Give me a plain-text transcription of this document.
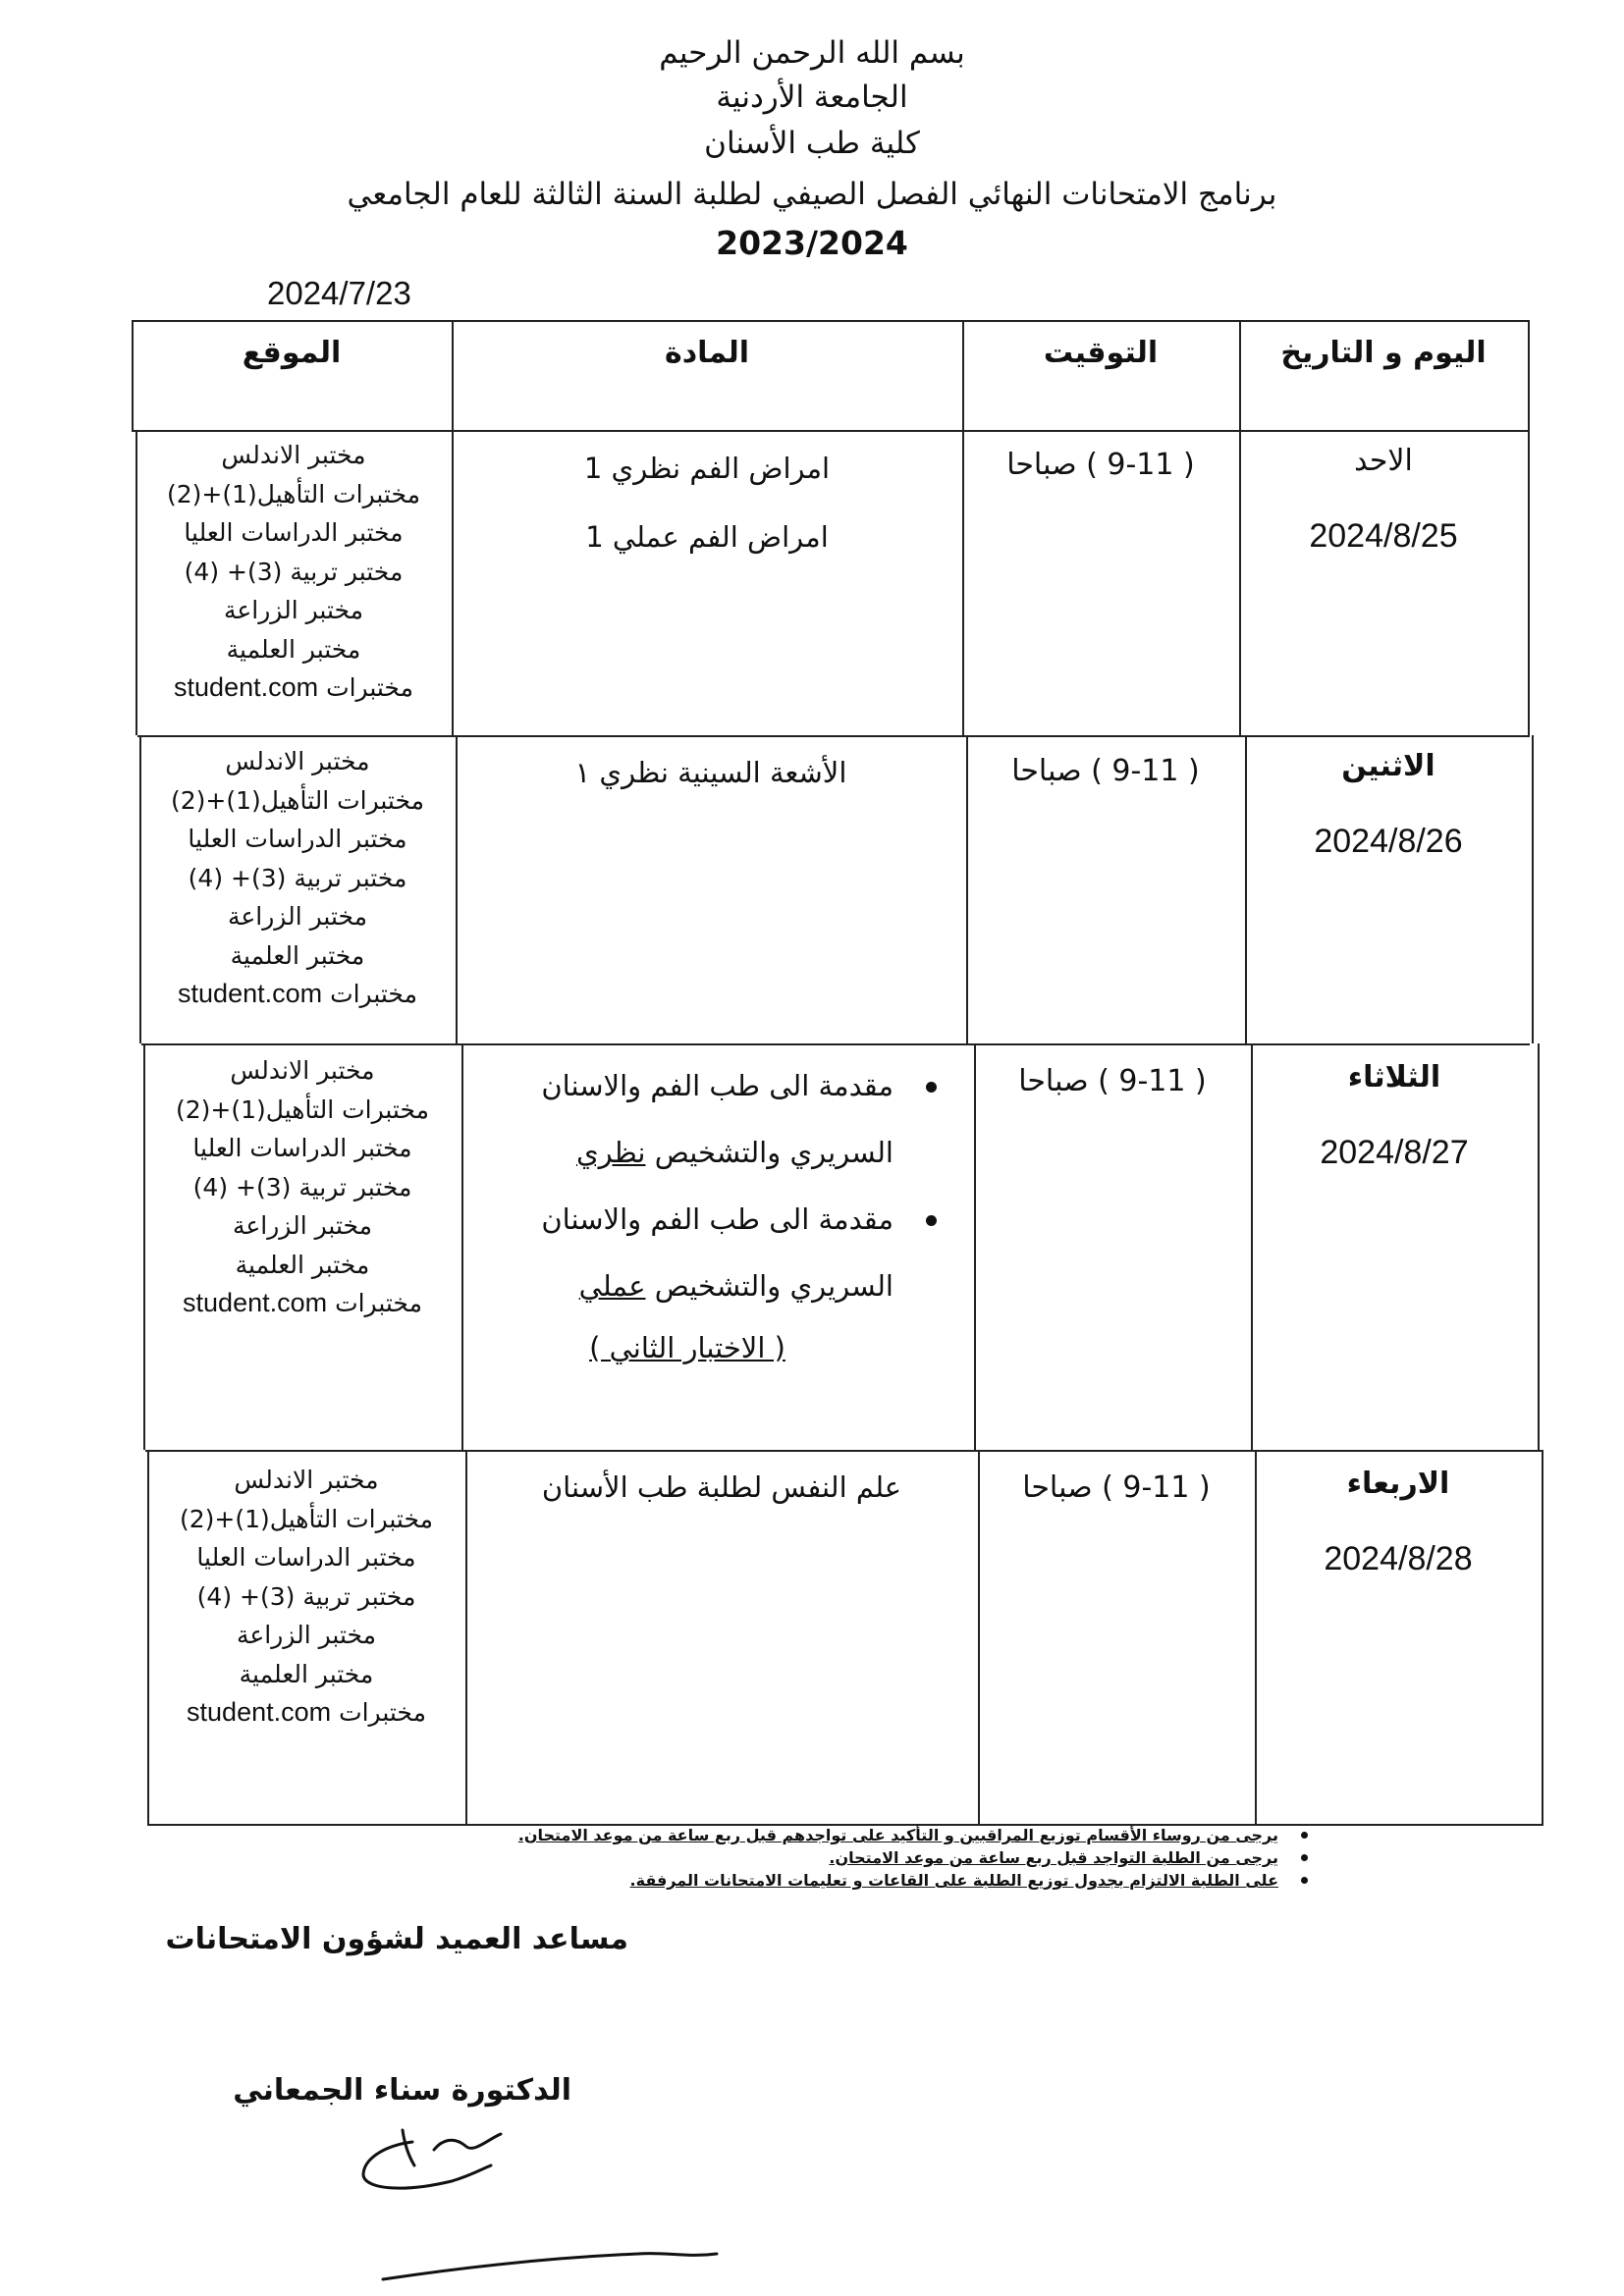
بسم الله الرحمن الرحيم
الجامعة الأردنية
كلية طب الأسنان
برنامج الامتحانات النهائي الفصل الصيفي لطلبة السنة الثالثة للعام الجامعي
2023/2024
2024/7/23
اليوم و التاريخ
التوقيت
المادة
الموقع
الاحد
2024/8/25
( 9-11 ) صباحا
امراض الفم نظري 1
امراض الفم عملي 1
مختبر الاندلس
مختبرات التأهيل(1)+(2)
مختبر الدراسات العليا
مختبر تربية (3)+ (4)
مختبر الزراعة
مختبر العلمية
مختبرات student.com
الاثنين
2024/8/26
( 9-11 ) صباحا
الأشعة السينية نظري ١
مختبر الاندلس
مختبرات التأهيل(1)+(2)
مختبر الدراسات العليا
مختبر تربية (3)+ (4)
مختبر الزراعة
مختبر العلمية
مختبرات student.com
الثلاثاء
2024/8/27
( 9-11 ) صباحا
مقدمة الى طب الفم والاسنان
السريري والتشخيص نظري
مقدمة الى طب الفم والاسنان
السريري والتشخيص عملي
( الاختبار الثاني )
مختبر الاندلس
مختبرات التأهيل(1)+(2)
مختبر الدراسات العليا
مختبر تربية (3)+ (4)
مختبر الزراعة
مختبر العلمية
مختبرات student.com
الاربعاء
2024/8/28
( 9-11 ) صباحا
علم النفس لطلبة طب الأسنان
مختبر الاندلس
مختبرات التأهيل(1)+(2)
مختبر الدراسات العليا
مختبر تربية (3)+ (4)
مختبر الزراعة
مختبر العلمية
مختبرات student.com
يرجى من روساء الأقسام توزيع المراقبين و التأكيد على تواجدهم قبل ربع ساعة من موعد الامتحان.
يرجى من الطلبة التواجد قبل ربع ساعة من موعد الامتحان.
على الطلبة الالتزام بجدول توزيع الطلبة على القاعات و تعليمات الامتحانات المرفقة.
مساعد العميد لشؤون الامتحانات
الدكتورة سناء الجمعاني
